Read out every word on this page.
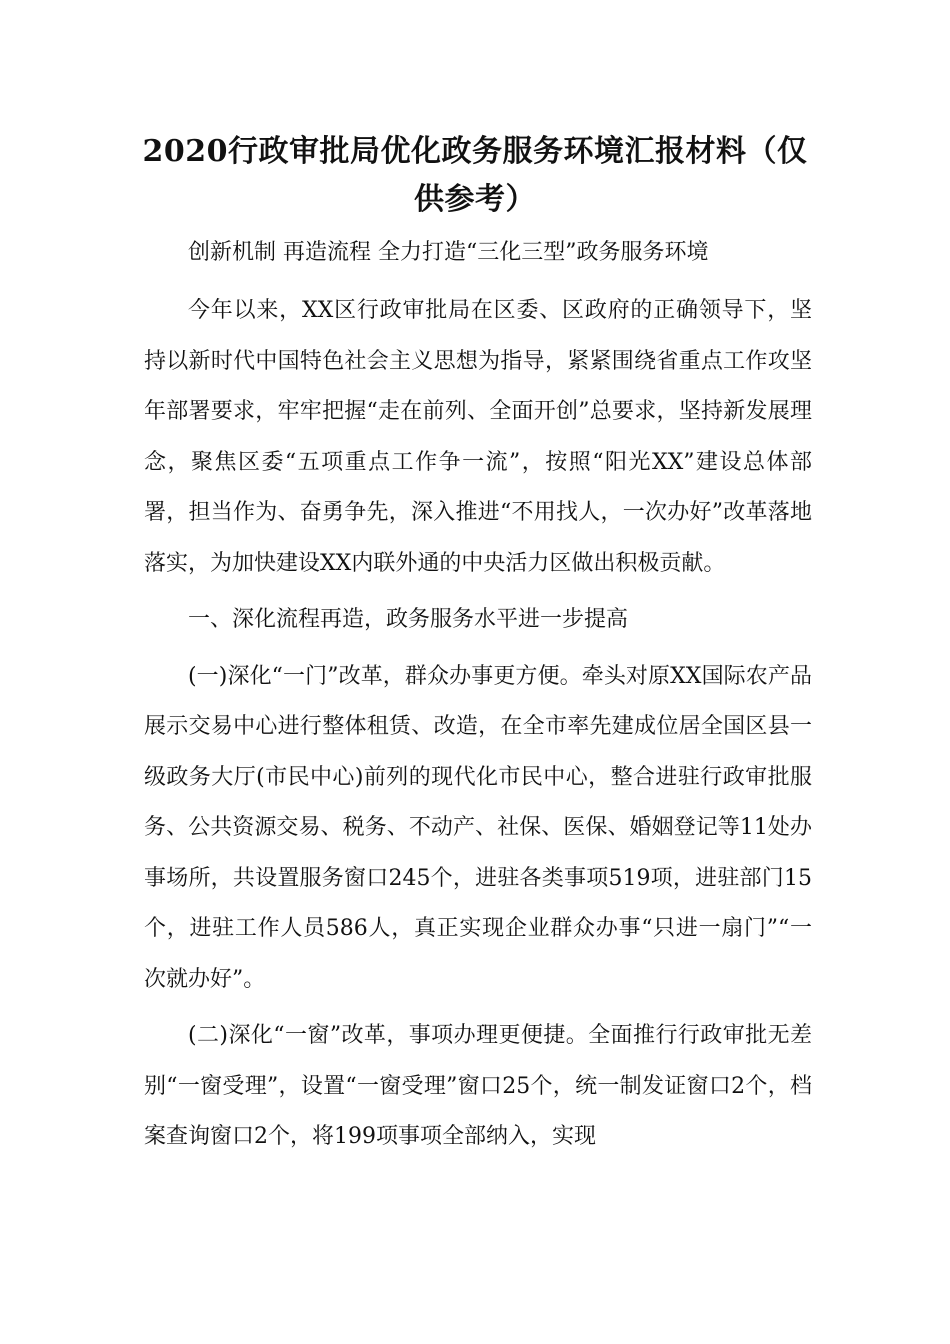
2020行政审批局优化政务服务环境汇报材料（仅供参考）

创新机制 再造流程 全力打造“三化三型”政务服务环境

今年以来，XX区行政审批局在区委、区政府的正确领导下，坚持以新时代中国特色社会主义思想为指导，紧紧围绕省重点工作攻坚年部署要求，牢牢把握“走在前列、全面开创”总要求，坚持新发展理念，聚焦区委“五项重点工作争一流”，按照“阳光XX”建设总体部署，担当作为、奋勇争先，深入推进“不用找人，一次办好”改革落地落实，为加快建设XX内联外通的中央活力区做出积极贡献。

一、深化流程再造，政务服务水平进一步提高

(一)深化“一门”改革，群众办事更方便。牵头对原XX国际农产品展示交易中心进行整体租赁、改造，在全市率先建成位居全国区县一级政务大厅(市民中心)前列的现代化市民中心，整合进驻行政审批服务、公共资源交易、税务、不动产、社保、医保、婚姻登记等11处办事场所，共设置服务窗口245个，进驻各类事项519项，进驻部门15个，进驻工作人员586人，真正实现企业群众办事“只进一扇门”“一次就办好”。

(二)深化“一窗”改革，事项办理更便捷。全面推行行政审批无差别“一窗受理”，设置“一窗受理”窗口25个，统一制发证窗口2个，档案查询窗口2个，将199项事项全部纳入，实现
